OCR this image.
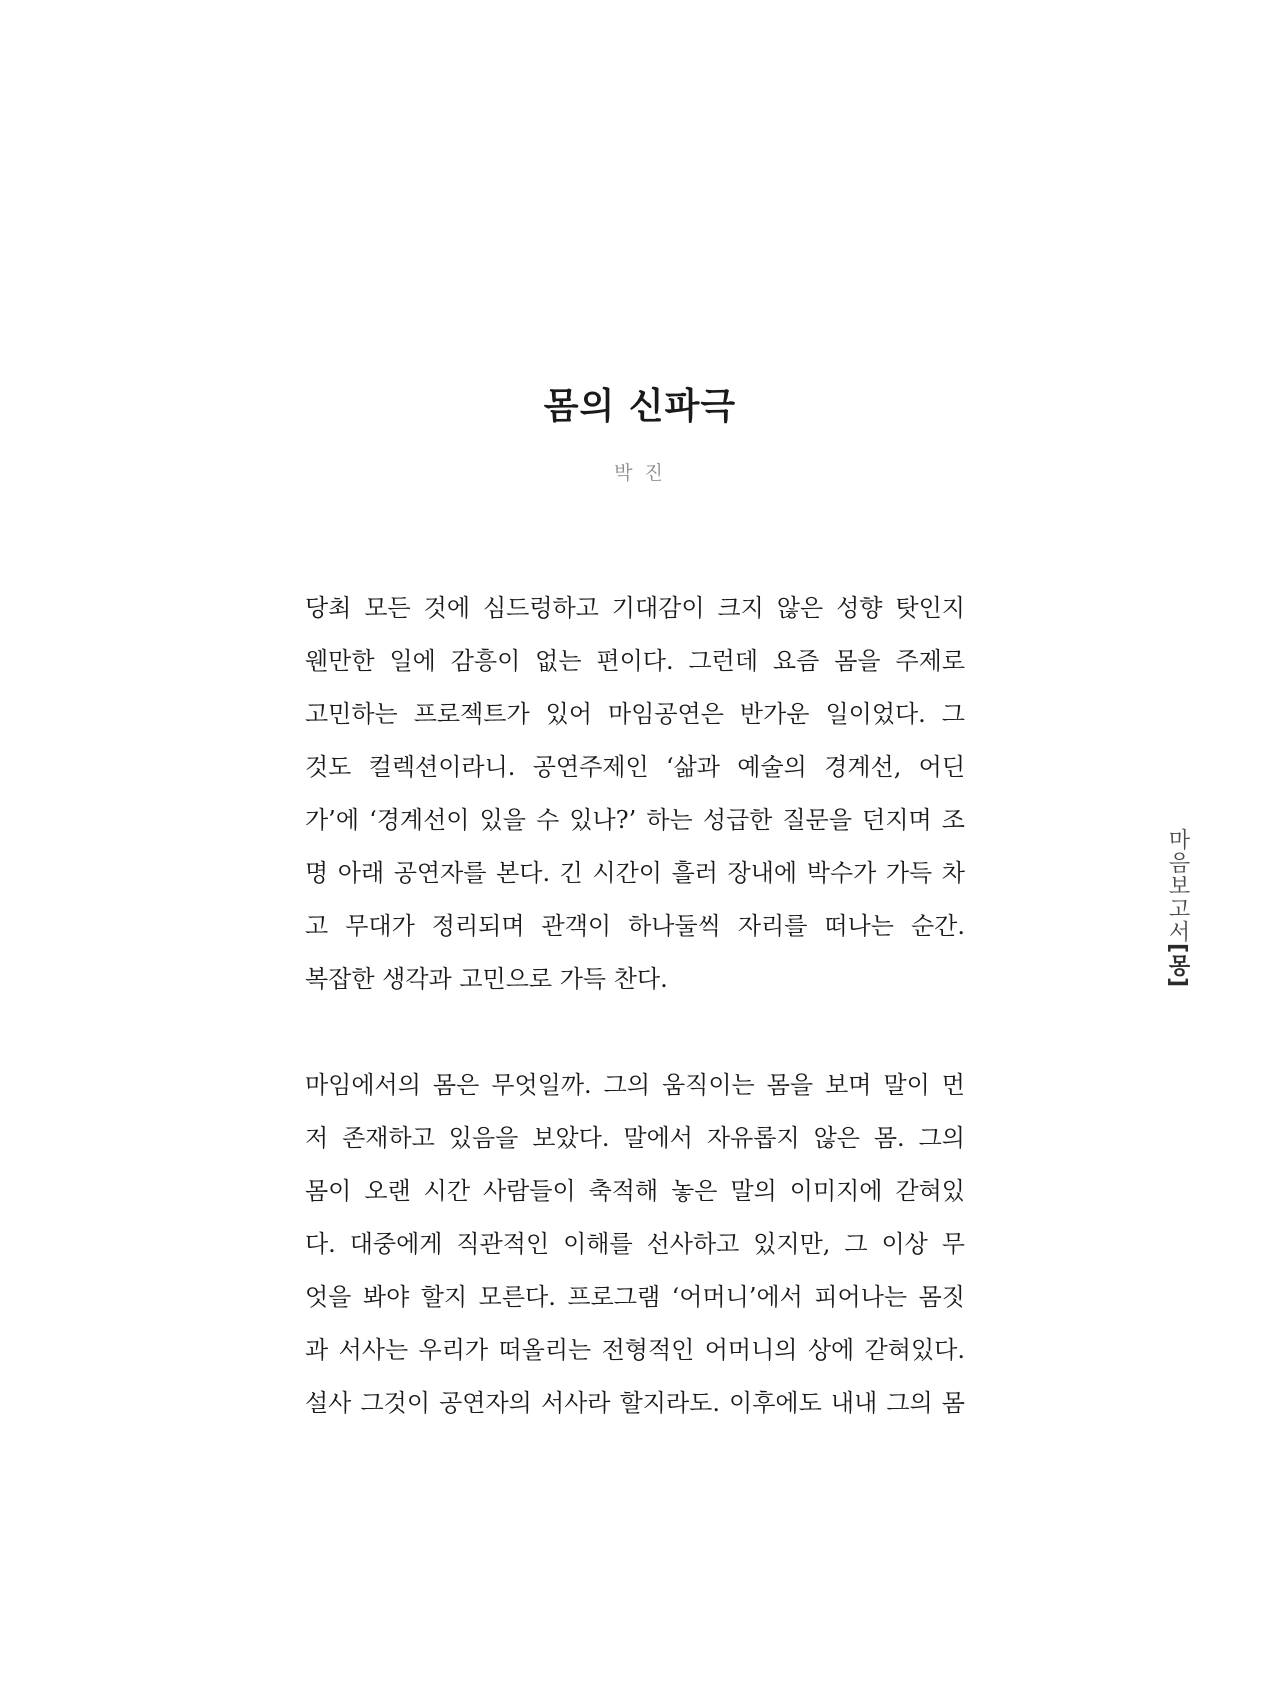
몸의 신파극
박 진

당최 모든 것에 심드렁하고 기대감이 크지 않은 성향 탓인지
웬만한 일에 감흥이 없는 편이다. 그런데 요즘 몸을 주제로
고민하는 프로젝트가 있어 마임공연은 반가운 일이었다. 그
것도 컬렉션이라니. 공연주제인 ‘삶과 예술의 경계선, 어딘
가’에 ‘경계선이 있을 수 있나?’ 하는 성급한 질문을 던지며 조
명 아래 공연자를 본다. 긴 시간이 흘러 장내에 박수가 가득 차
고 무대가 정리되며 관객이 하나둘씩 자리를 떠나는 순간.
복잡한 생각과 고민으로 가득 찬다.

마임에서의 몸은 무엇일까. 그의 움직이는 몸을 보며 말이 먼
저 존재하고 있음을 보았다. 말에서 자유롭지 않은 몸. 그의
몸이 오랜 시간 사람들이 축적해 놓은 말의 이미지에 갇혀있
다. 대중에게 직관적인 이해를 선사하고 있지만, 그 이상 무
엇을 봐야 할지 모른다. 프로그램 ‘어머니’에서 피어나는 몸짓
과 서사는 우리가 떠올리는 전형적인 어머니의 상에 갇혀있다.
설사 그것이 공연자의 서사라 할지라도. 이후에도 내내 그의 몸

마음보고서[몽]
